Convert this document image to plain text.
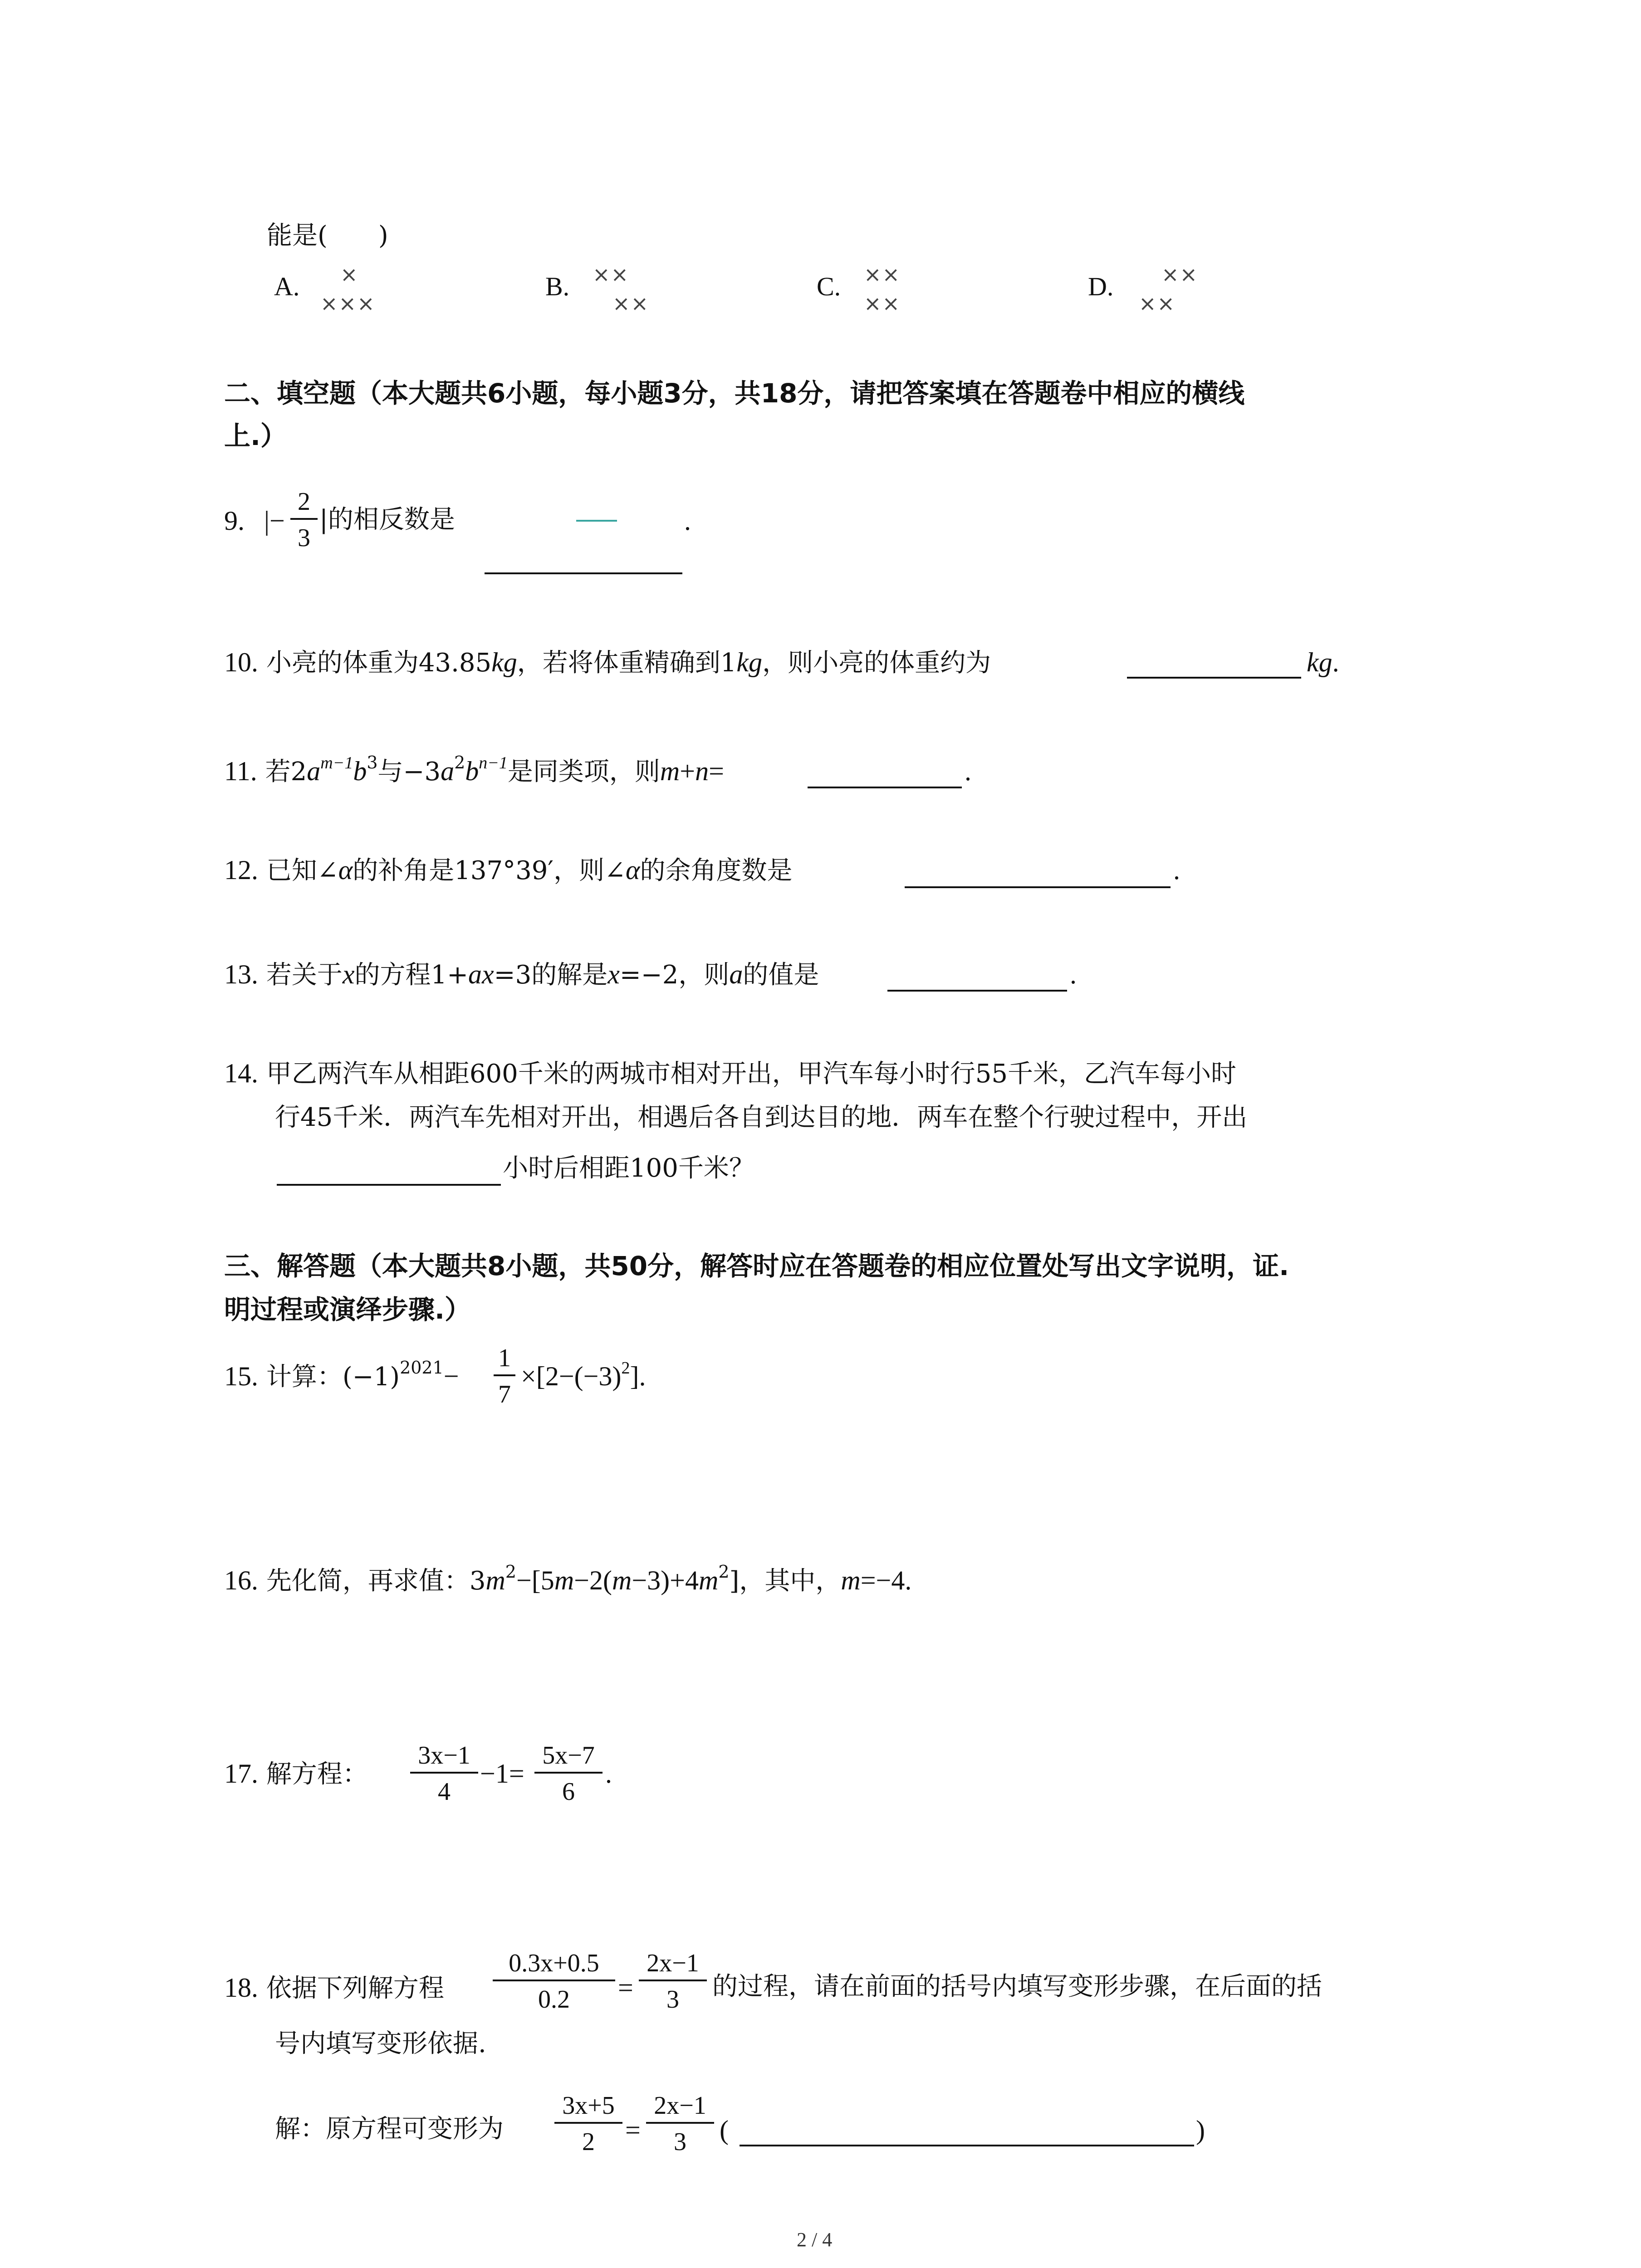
能是(　　)
A. ×
×××
B. ××
××
C. ××
××
D. ××
××
二、填空题（本大题共6小题，每小题3分，共18分，请把答案填在答题卷中相应的横线
上.）
9. |−
2
3
|的相反数是	.
10. 小亮的体重为43.85kg，若将体重精确到1kg，则小亮的体重约为	kg.
11. 若$2a^{m-1}b^3$与$-3a^2b^{n-1}$是同类项，则m+n=	.
12. 已知∠α的补角是137°39′，则∠α的余角度数是	.
13. 若关于x的方程1+ax=3的解是x=−2，则a的值是	.
14. 甲乙两汽车从相距600千米的两城市相对开出，甲汽车每小时行55千米，乙汽车每小时
行45千米．两汽车先相对开出，相遇后各自到达目的地．两车在整个行驶过程中，开出
小时后相距100千米？
三、解答题（本大题共8小题，共50分，解答时应在答题卷的相应位置处写出文字说明，证.
明过程或演绎步骤.）
15. 计算：$(-1)^{2021}-$
1
7
$\times[2-(-3)^2]$.
16. 先化简，再求值：$3m^2-[5m-2(m-3)+4m^2]$，其中，m=−4.
17. 解方程：
3x−1
4
−1=
5x−7
6
.
18. 依据下列解方程
0.3x+0.5
0.2	=
2x−1
3	的过程，请在前面的括号内填写变形步骤，在后面的括
号内填写变形依据.
解：原方程可变形为
3x+5
2	=
2x−1
3	(	)
2 / 4
